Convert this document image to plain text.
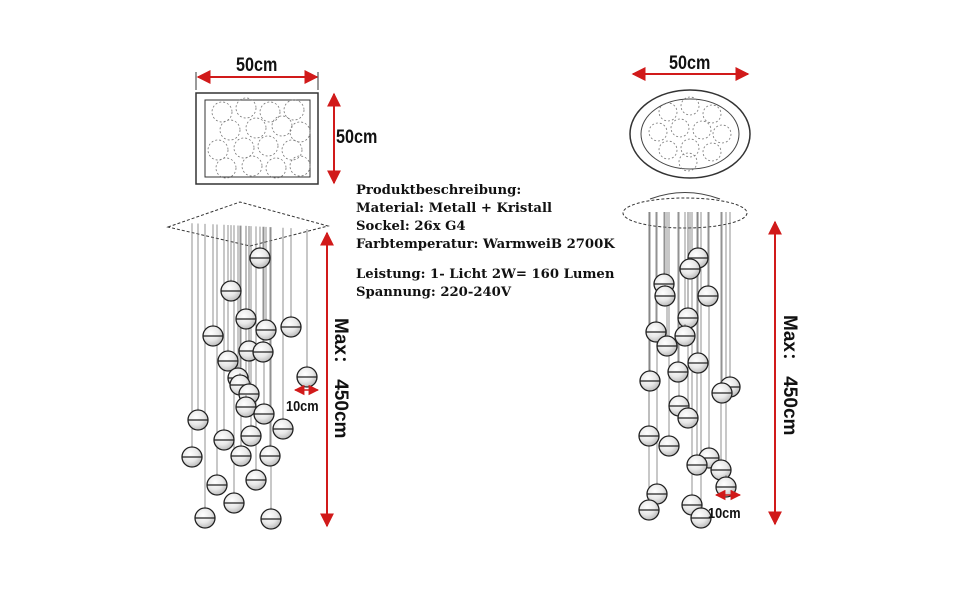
50cm
50cm
Max： 450cm
10cm
50cm
Max： 450cm
10cm
Produktbeschreibung:
Material: Metall + Kristall
Sockel: 26x G4
Farbtemperatur: WarmweiB 2700K
Leistung: 1- Licht 2W= 160 Lumen
Spannung: 220-240V
